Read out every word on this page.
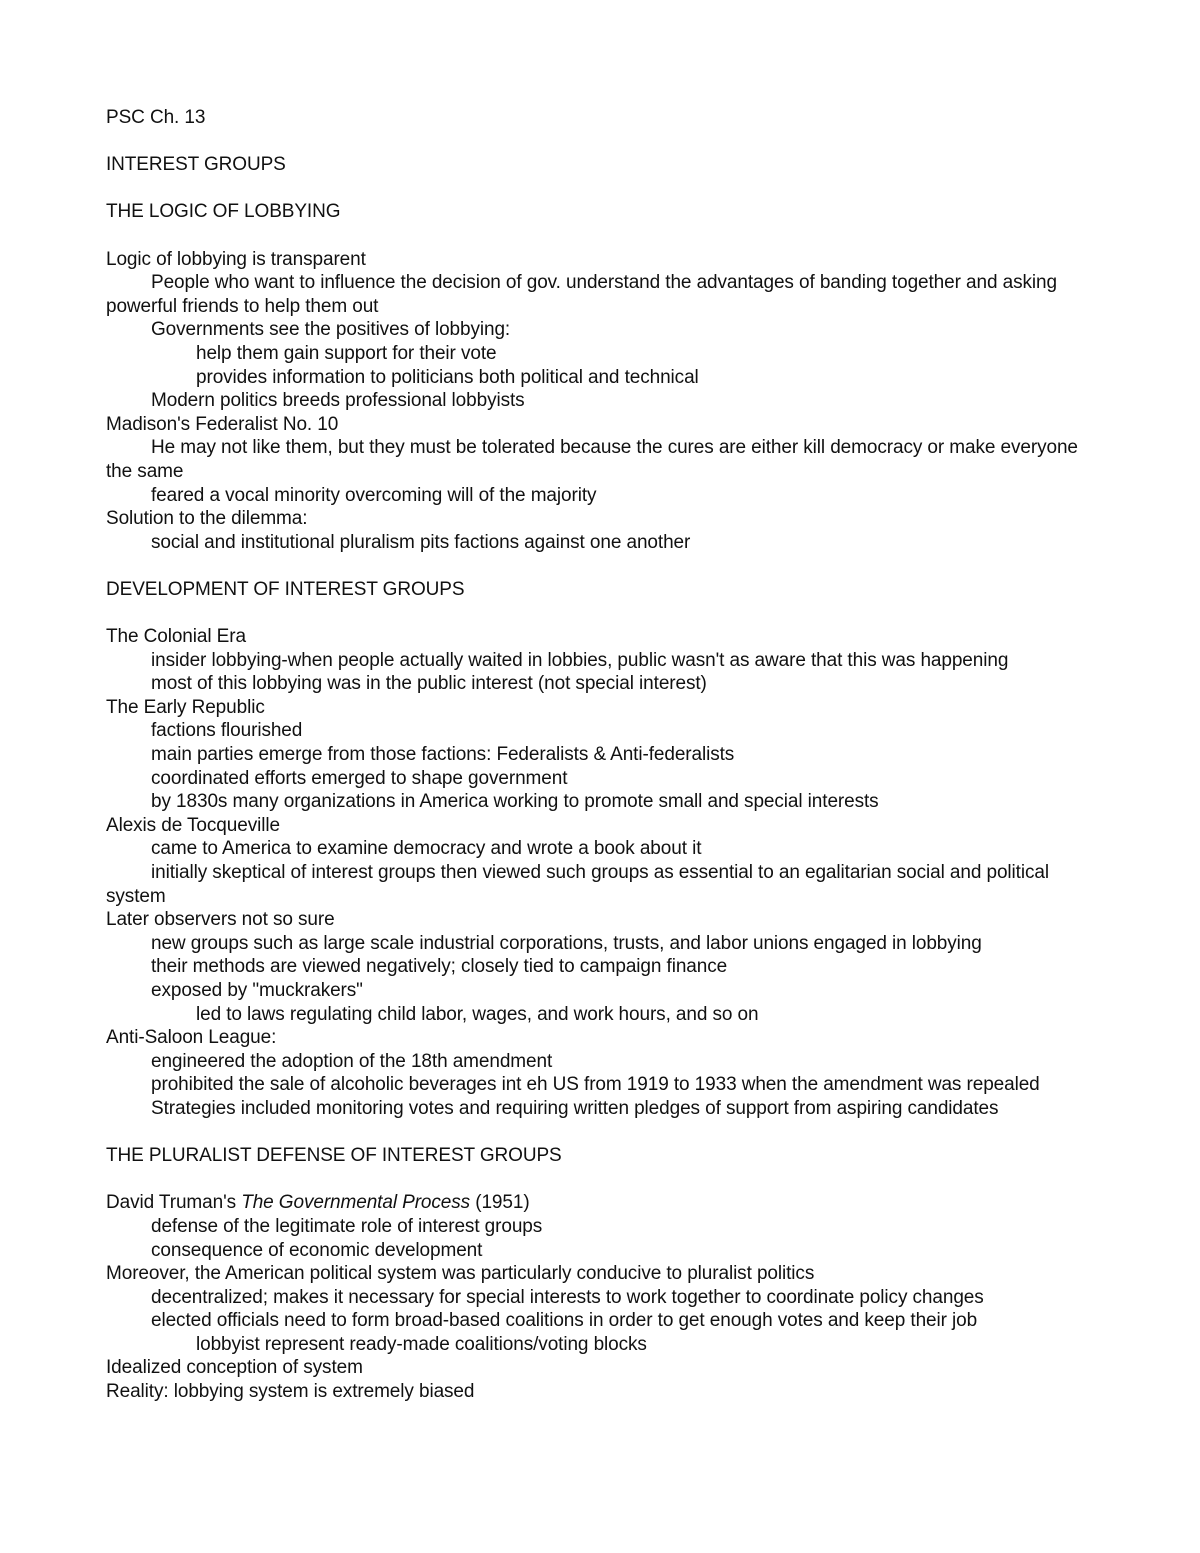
PSC Ch. 13

INTEREST GROUPS

THE LOGIC OF LOBBYING

Logic of lobbying is transparent

People who want to influence the decision of gov. understand the advantages of banding together and asking powerful friends to help them out

Governments see the positives of lobbying:

help them gain support for their vote

provides information to politicians both political and technical

Modern politics breeds professional lobbyists

Madison's Federalist No. 10

He may not like them, but they must be tolerated because the cures are either kill democracy or make everyone the same

feared a vocal minority overcoming will of the majority

Solution to the dilemma:

social and institutional pluralism pits factions against one another

DEVELOPMENT OF INTEREST GROUPS

The Colonial Era

insider lobbying-when people actually waited in lobbies, public wasn't as aware that this was happening

most of this lobbying was in the public interest (not special interest)

The Early Republic

factions flourished

main parties emerge from those factions: Federalists & Anti-federalists

coordinated efforts emerged to shape government

by 1830s many organizations in America working to promote small and special interests

Alexis de Tocqueville

came to America to examine democracy and wrote a book about it

initially skeptical of interest groups then viewed such groups as essential to an egalitarian social and political system

Later observers not so sure

new groups such as large scale industrial corporations, trusts, and labor unions engaged in lobbying

their methods are viewed negatively; closely tied to campaign finance

exposed by "muckrakers"

led to laws regulating child labor, wages, and work hours, and so on

Anti-Saloon League:

engineered the adoption of the 18th amendment

prohibited the sale of alcoholic beverages int eh US from 1919 to 1933 when the amendment was repealed

Strategies included monitoring votes and requiring written pledges of support from aspiring candidates

THE PLURALIST DEFENSE OF INTEREST GROUPS

David Truman's The Governmental Process (1951)

defense of the legitimate role of interest groups

consequence of economic development

Moreover, the American political system was particularly conducive to pluralist politics

decentralized; makes it necessary for special interests to work together to coordinate policy changes

elected officials need to form broad-based coalitions in order to get enough votes and keep their job

lobbyist represent ready-made coalitions/voting blocks

Idealized conception of system

Reality: lobbying system is extremely biased
